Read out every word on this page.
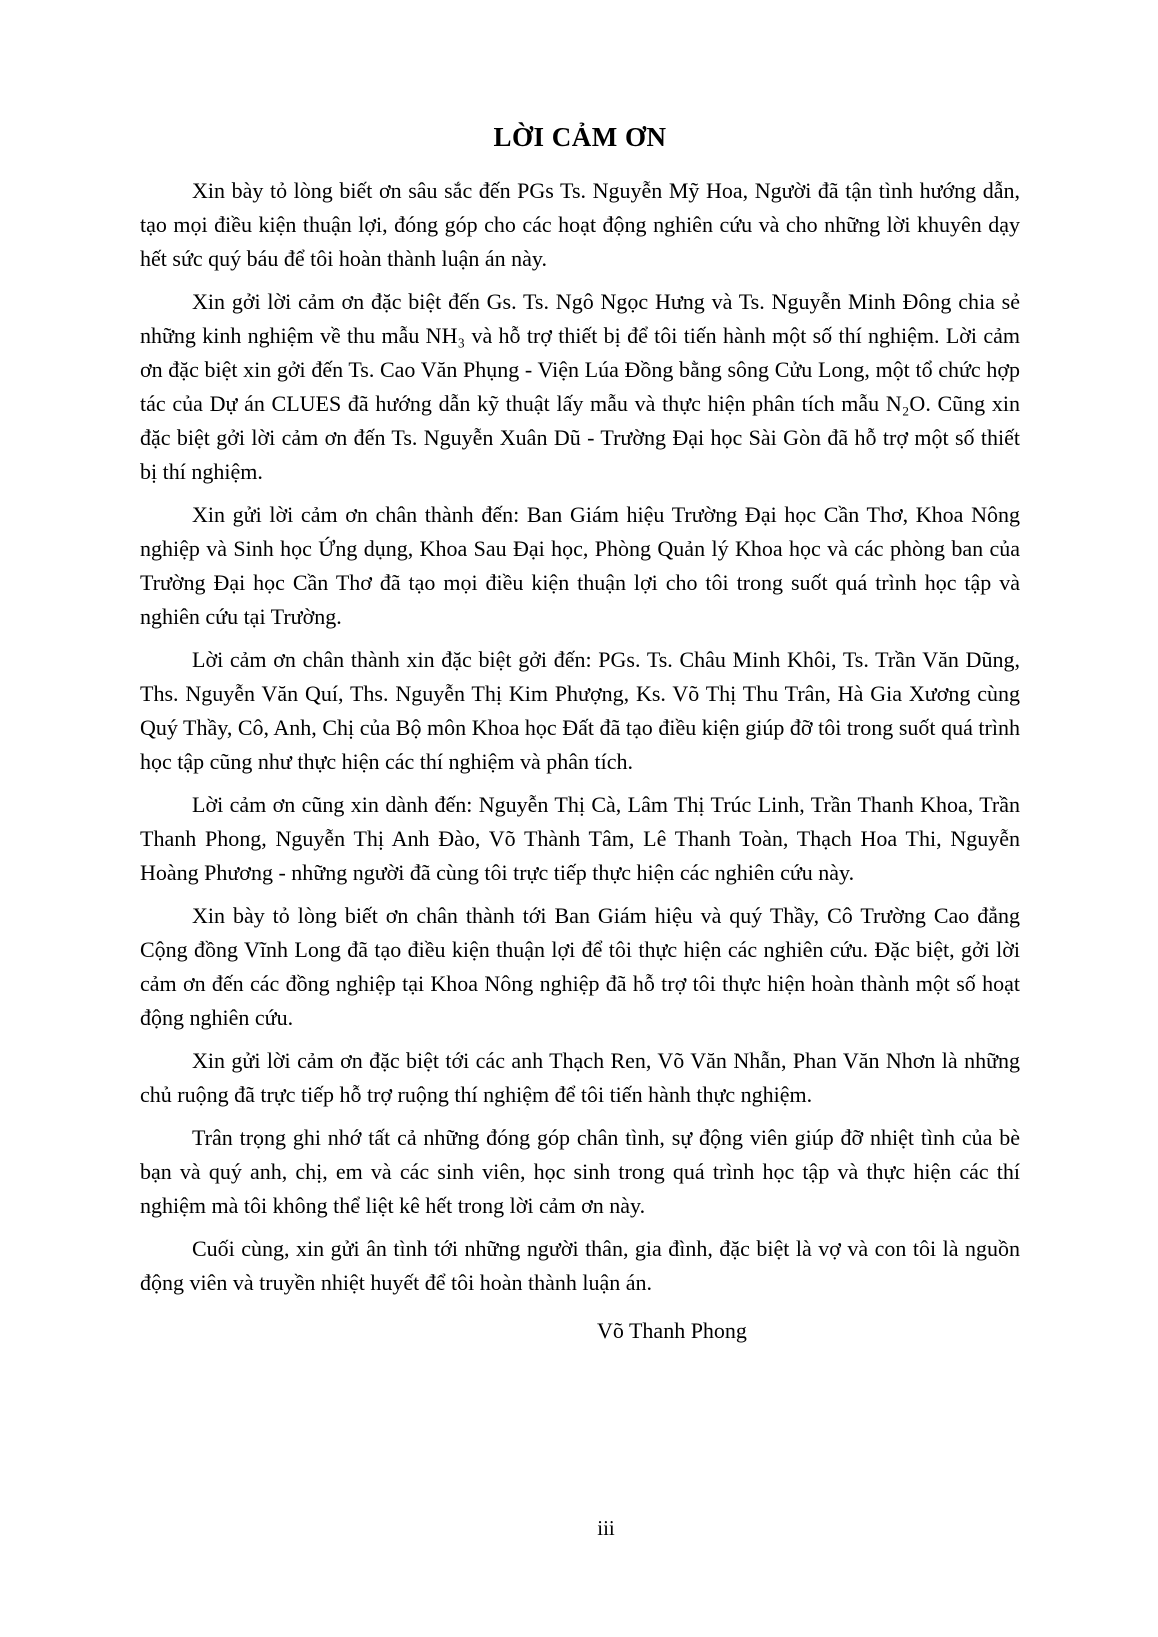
LỜI CẢM ƠN

Xin bày tỏ lòng biết ơn sâu sắc đến PGs Ts. Nguyễn Mỹ Hoa, Người đã tận tình hướng dẫn, tạo mọi điều kiện thuận lợi, đóng góp cho các hoạt động nghiên cứu và cho những lời khuyên dạy hết sức quý báu để tôi hoàn thành luận án này.

Xin gởi lời cảm ơn đặc biệt đến Gs. Ts. Ngô Ngọc Hưng và Ts. Nguyễn Minh Đông chia sẻ những kinh nghiệm về thu mẫu NH₃ và hỗ trợ thiết bị để tôi tiến hành một số thí nghiệm. Lời cảm ơn đặc biệt xin gởi đến Ts. Cao Văn Phụng - Viện Lúa Đồng bằng sông Cửu Long, một tổ chức hợp tác của Dự án CLUES đã hướng dẫn kỹ thuật lấy mẫu và thực hiện phân tích mẫu N₂O. Cũng xin đặc biệt gởi lời cảm ơn đến Ts. Nguyễn Xuân Dũ - Trường Đại học Sài Gòn đã hỗ trợ một số thiết bị thí nghiệm.

Xin gửi lời cảm ơn chân thành đến: Ban Giám hiệu Trường Đại học Cần Thơ, Khoa Nông nghiệp và Sinh học Ứng dụng, Khoa Sau Đại học, Phòng Quản lý Khoa học và các phòng ban của Trường Đại học Cần Thơ đã tạo mọi điều kiện thuận lợi cho tôi trong suốt quá trình học tập và nghiên cứu tại Trường.

Lời cảm ơn chân thành xin đặc biệt gởi đến: PGs. Ts. Châu Minh Khôi, Ts. Trần Văn Dũng, Ths. Nguyễn Văn Quí, Ths. Nguyễn Thị Kim Phượng, Ks. Võ Thị Thu Trân, Hà Gia Xương cùng Quý Thầy, Cô, Anh, Chị của Bộ môn Khoa học Đất đã tạo điều kiện giúp đỡ tôi trong suốt quá trình học tập cũng như thực hiện các thí nghiệm và phân tích.

Lời cảm ơn cũng xin dành đến: Nguyễn Thị Cà, Lâm Thị Trúc Linh, Trần Thanh Khoa, Trần Thanh Phong, Nguyễn Thị Anh Đào, Võ Thành Tâm, Lê Thanh Toàn, Thạch Hoa Thi, Nguyễn Hoàng Phương - những người đã cùng tôi trực tiếp thực hiện các nghiên cứu này.

Xin bày tỏ lòng biết ơn chân thành tới Ban Giám hiệu và quý Thầy, Cô Trường Cao đẳng Cộng đồng Vĩnh Long đã tạo điều kiện thuận lợi để tôi thực hiện các nghiên cứu. Đặc biệt, gởi lời cảm ơn đến các đồng nghiệp tại Khoa Nông nghiệp đã hỗ trợ tôi thực hiện hoàn thành một số hoạt động nghiên cứu.

Xin gửi lời cảm ơn đặc biệt tới các anh Thạch Ren, Võ Văn Nhẫn, Phan Văn Nhơn là những chủ ruộng đã trực tiếp hỗ trợ ruộng thí nghiệm để tôi tiến hành thực nghiệm.

Trân trọng ghi nhớ tất cả những đóng góp chân tình, sự động viên giúp đỡ nhiệt tình của bè bạn và quý anh, chị, em và các sinh viên, học sinh trong quá trình học tập và thực hiện các thí nghiệm mà tôi không thể liệt kê hết trong lời cảm ơn này.

Cuối cùng, xin gửi ân tình tới những người thân, gia đình, đặc biệt là vợ và con tôi là nguồn động viên và truyền nhiệt huyết để tôi hoàn thành luận án.

Võ Thanh Phong
iii
